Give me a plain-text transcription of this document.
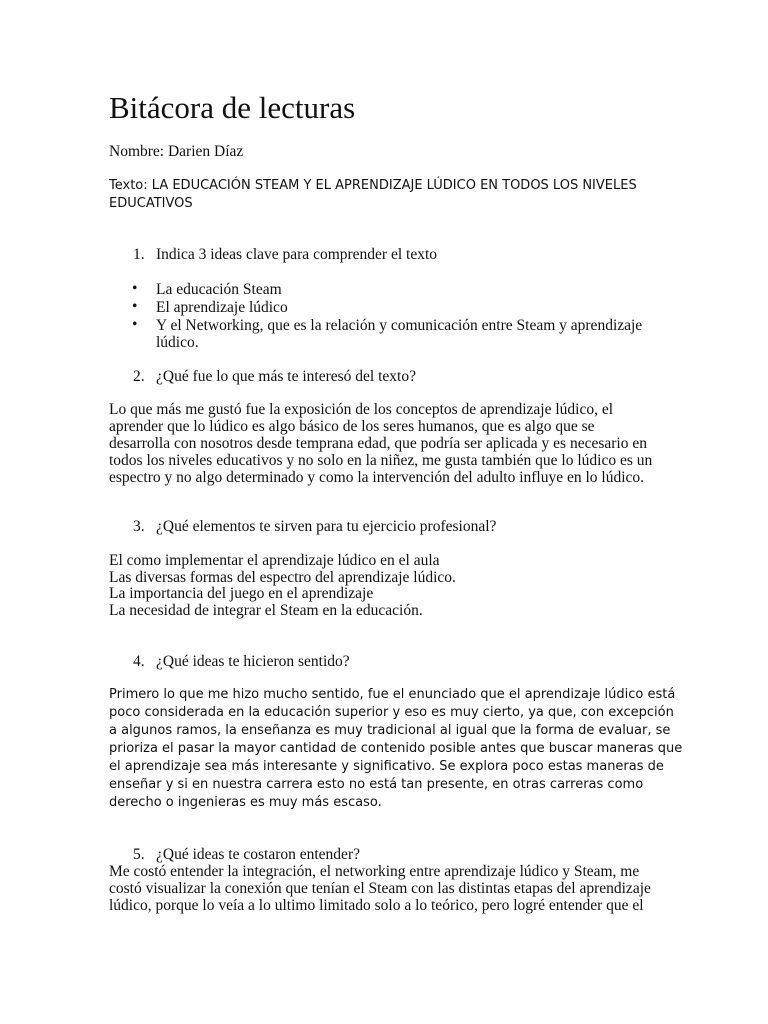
Bitácora de lecturas
Nombre: Darien Díaz
Texto: LA EDUCACIÓN STEAM Y EL APRENDIZAJE LÚDICO EN TODOS LOS NIVELES
EDUCATIVOS
1. Indica 3 ideas clave para comprender el texto
• La educación Steam
• El aprendizaje lúdico
• Y el Networking, que es la relación y comunicación entre Steam y aprendizaje
lúdico.
2. ¿Qué fue lo que más te interesó del texto?
Lo que más me gustó fue la exposición de los conceptos de aprendizaje lúdico, el
aprender que lo lúdico es algo básico de los seres humanos, que es algo que se
desarrolla con nosotros desde temprana edad, que podría ser aplicada y es necesario en
todos los niveles educativos y no solo en la niñez, me gusta también que lo lúdico es un
espectro y no algo determinado y como la intervención del adulto influye en lo lúdico.
3. ¿Qué elementos te sirven para tu ejercicio profesional?
El como implementar el aprendizaje lúdico en el aula
Las diversas formas del espectro del aprendizaje lúdico.
La importancia del juego en el aprendizaje
La necesidad de integrar el Steam en la educación.
4. ¿Qué ideas te hicieron sentido?
Primero lo que me hizo mucho sentido, fue el enunciado que el aprendizaje lúdico está
poco considerada en la educación superior y eso es muy cierto, ya que, con excepción
a algunos ramos, la enseñanza es muy tradicional al igual que la forma de evaluar, se
prioriza el pasar la mayor cantidad de contenido posible antes que buscar maneras que
el aprendizaje sea más interesante y significativo. Se explora poco estas maneras de
enseñar y si en nuestra carrera esto no está tan presente, en otras carreras como
derecho o ingenieras es muy más escaso.
5. ¿Qué ideas te costaron entender?
Me costó entender la integración, el networking entre aprendizaje lúdico y Steam, me
costó visualizar la conexión que tenían el Steam con las distintas etapas del aprendizaje
lúdico, porque lo veía a lo ultimo limitado solo a lo teórico, pero logré entender que el
